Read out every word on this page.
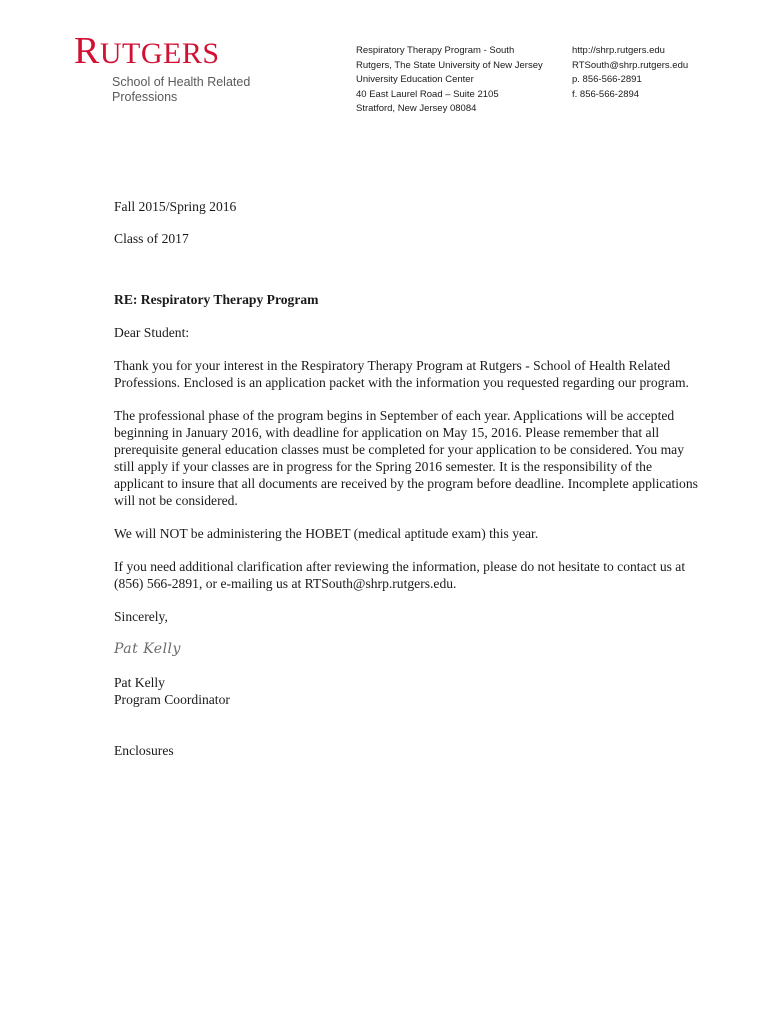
RUTGERS
School of Health Related
Professions
Respiratory Therapy Program - South
Rutgers, The State University of New Jersey
University Education Center
40 East Laurel Road – Suite 2105
Stratford, New Jersey 08084
http://shrp.rutgers.edu
RTSouth@shrp.rutgers.edu
p. 856-566-2891
f. 856-566-2894

Fall 2015/Spring 2016

Class of 2017

RE: Respiratory Therapy Program

Dear Student:

Thank you for your interest in the Respiratory Therapy Program at Rutgers - School of Health Related Professions. Enclosed is an application packet with the information you requested regarding our program.

The professional phase of the program begins in September of each year. Applications will be accepted beginning in January 2016, with deadline for application on May 15, 2016. Please remember that all prerequisite general education classes must be completed for your application to be considered. You may still apply if your classes are in progress for the Spring 2016 semester. It is the responsibility of the applicant to insure that all documents are received by the program before deadline. Incomplete applications will not be considered.

We will NOT be administering the HOBET (medical aptitude exam) this year.

If you need additional clarification after reviewing the information, please do not hesitate to contact us at (856) 566-2891, or e-mailing us at RTSouth@shrp.rutgers.edu.

Sincerely,

Pat Kelly

Pat Kelly

Program Coordinator

Enclosures
